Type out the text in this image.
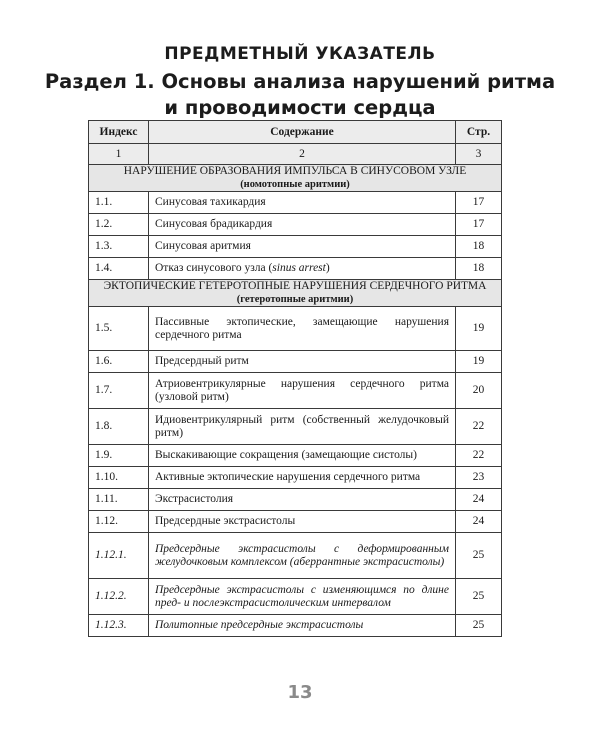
ПРЕДМЕТНЫЙ УКАЗАТЕЛЬ
Раздел 1. Основы анализа нарушений ритма
и проводимости сердца
Индекс	Содержание	Стр.
1	2	3

НАРУШЕНИЕ ОБРАЗОВАНИЯ ИМПУЛЬСА В СИНУСОВОМ УЗЛЕ
(номотопные аритмии)		

1.1.	Синусовая тахикардия	17
1.2.	Синусовая брадикардия	17
1.3.	Синусовая аритмия	18
1.4.	Отказ синусового узла (sinus arrest)	18

ЭКТОПИЧЕСКИЕ ГЕТЕРОТОПНЫЕ НАРУШЕНИЯ СЕРДЕЧНОГО РИТМА
(гетеротопные аритмии)		

1.5.	Пассивные эктопические, замещающие нарушения сердечного ритма	19
1.6.	Предсердный ритм	19
1.7.	Атриовентрикулярные нарушения сердечного ритма (узловой ритм)	20
1.8.	Идиовентрикулярный ритм (собственный желудочковый ритм)	22
1.9.	Выскакивающие сокращения (замещающие систолы)	22
1.10.	Активные эктопические нарушения сердечного ритма	23
1.11.	Экстрасистолия	24
1.12.	Предсердные экстрасистолы	24
1.12.1.	Предсердные экстрасистолы с деформированным желудочковым комплексом (аберрантные экстрасистолы)	25
1.12.2.	Предсердные экстрасистолы с изменяющимся по длине пред- и послеэкстрасистолическим интервалом	25
1.12.3.	Политопные предсердные экстрасистолы	25
13
